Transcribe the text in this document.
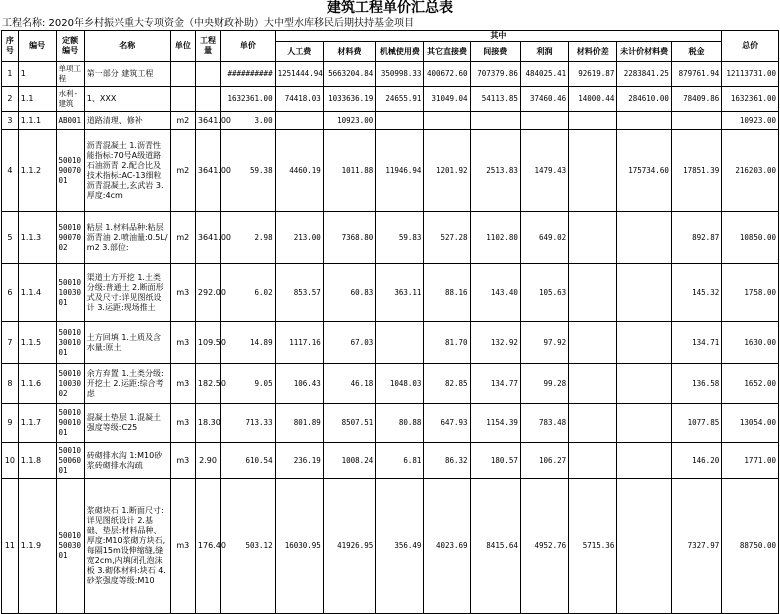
建筑工程单价汇总表
工程名称: 2020年乡村振兴重大专项资金（中央财政补助）大中型水库移民后期扶持基金项目
序号	编号	定额编号	名称	单位	工程量	单价	其中									总价
							人工费	材料费	机械使用费	其它直接费	间接费	利润	材料价差	未计价材料费	税金	
1	1	单项工程	第一部分 建筑工程			##########	1251444.94	5663204.84	350998.33	400672.60	707379.86	484025.41	92619.87	2283841.25	879761.94	12113731.00
2	1.1	水利-建筑	1、XXX			1632361.00	74418.03	1033636.19	24655.91	31049.04	54113.85	37460.46	14000.44	284610.00	78409.86	1632361.00
3	1.1.1	AB001	道路清理、修补	m2	3641.00	3.00		10923.00								10923.00
4	1.1.2	500109007001	沥青混凝土 1.沥青性能指标:70号A级道路石油沥青 2.配合比及技术指标:AC-13细粒沥青混凝土,玄武岩 3.厚度:4cm	m2	3641.00	59.38	4460.19	1011.88	11946.94	1201.92	2513.83	1479.43		175734.60	17851.39	216203.00
5	1.1.3	500109007002	粘层 1.材料品种:粘层沥青油 2.喷油量:0.5L/m2 3.部位:	m2	3641.00	2.98	213.00	7368.80	59.83	527.28	1102.80	649.02			892.87	10850.00
6	1.1.4	500101003001	渠道土方开挖 1.土类分级:普通土 2.断面形式及尺寸:详见图纸设计 3.运距:现场推土	m3	292.00	6.02	853.57	60.83	363.11	88.16	143.40	105.63			145.32	1758.00
7	1.1.5	500103001001	土方回填 1.土质及含水量:原土	m3	109.50	14.89	1117.16	67.03		81.70	132.92	97.92			134.71	1630.00
8	1.1.6	500101003002	余方弃置 1.土类分级:开挖土 2.运距:综合考虑	m3	182.50	9.05	106.43	46.18	1048.03	82.85	134.77	99.28			136.58	1652.00
9	1.1.7	500109001001	混凝土垫层 1.混凝土强度等级:C25	m3	18.30	713.33	801.89	8507.51	80.88	647.93	1154.39	783.48			1077.85	13054.00
10	1.1.8	500105006001	砖砌排水沟 1:M10砂浆砖砌排水沟疏	m3	2.90	610.54	236.19	1008.24	6.81	86.32	180.57	106.27			146.20	1771.00
11	1.1.9	500105003001	浆砌块石 1.断面尺寸:详见图纸设计 2.基础、垫层:材料品种、厚度:M10浆砌方块石,每隔15m设伸缩缝,缝宽2cm,内填闭孔泡沫板 3.砌体材料:块石 4.砂浆强度等级:M10	m3	176.40	503.12	16030.95	41926.95	356.49	4023.69	8415.64	4952.76	5715.36		7327.97	88750.00
